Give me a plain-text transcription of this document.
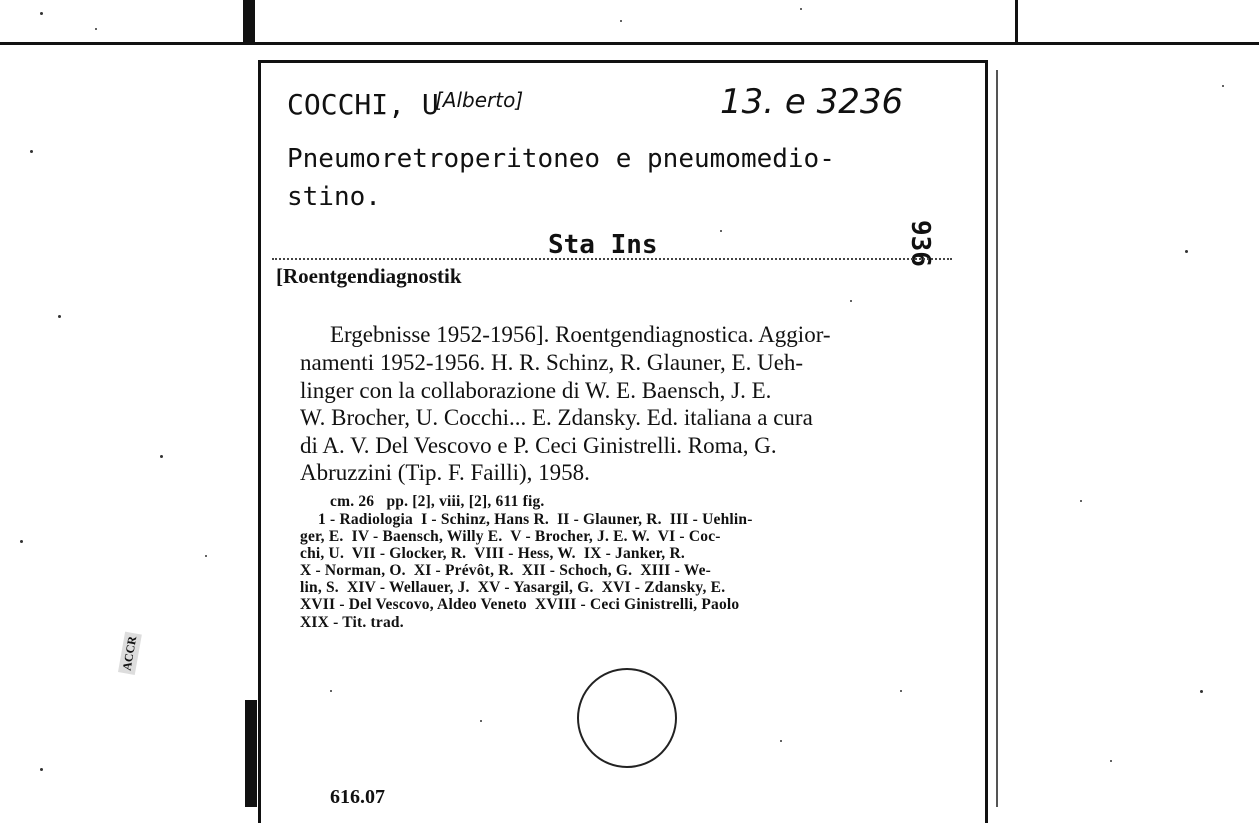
COCCHI, U
[Alberto]	13. e 3236
Pneumoretroperitoneo e pneumomedio-
stino.
Sta Ins	936
[Roentgendiagnostik
Ergebnisse 1952-1956]. Roentgendiagnostica. Aggior-
namenti 1952-1956. H. R. Schinz, R. Glauner, E. Ueh-
linger con la collaborazione di W. E. Baensch, J. E.
W. Brocher, U. Cocchi... E. Zdansky. Ed. italiana a cura
di A. V. Del Vescovo e P. Ceci Ginistrelli. Roma, G.
Abruzzini (Tip. F. Failli), 1958.
cm. 26   pp. [2], viii, [2], 611 fig.
1 - Radiologia  I - Schinz, Hans R.  II - Glauner, R.  III - Uehlin-
ger, E.  IV - Baensch, Willy E.  V - Brocher, J. E. W.  VI - Coc-
chi, U.  VII - Glocker, R.  VIII - Hess, W.  IX - Janker, R.
X - Norman, O.  XI - Prévôt, R.  XII - Schoch, G.  XIII - We-
lin, S.  XIV - Wellauer, J.  XV - Yasargil, G.  XVI - Zdansky, E.
XVII - Del Vescovo, Aldeo Veneto  XVIII - Ceci Ginistrelli, Paolo
XIX - Tit. trad.
616.07
ACCR
